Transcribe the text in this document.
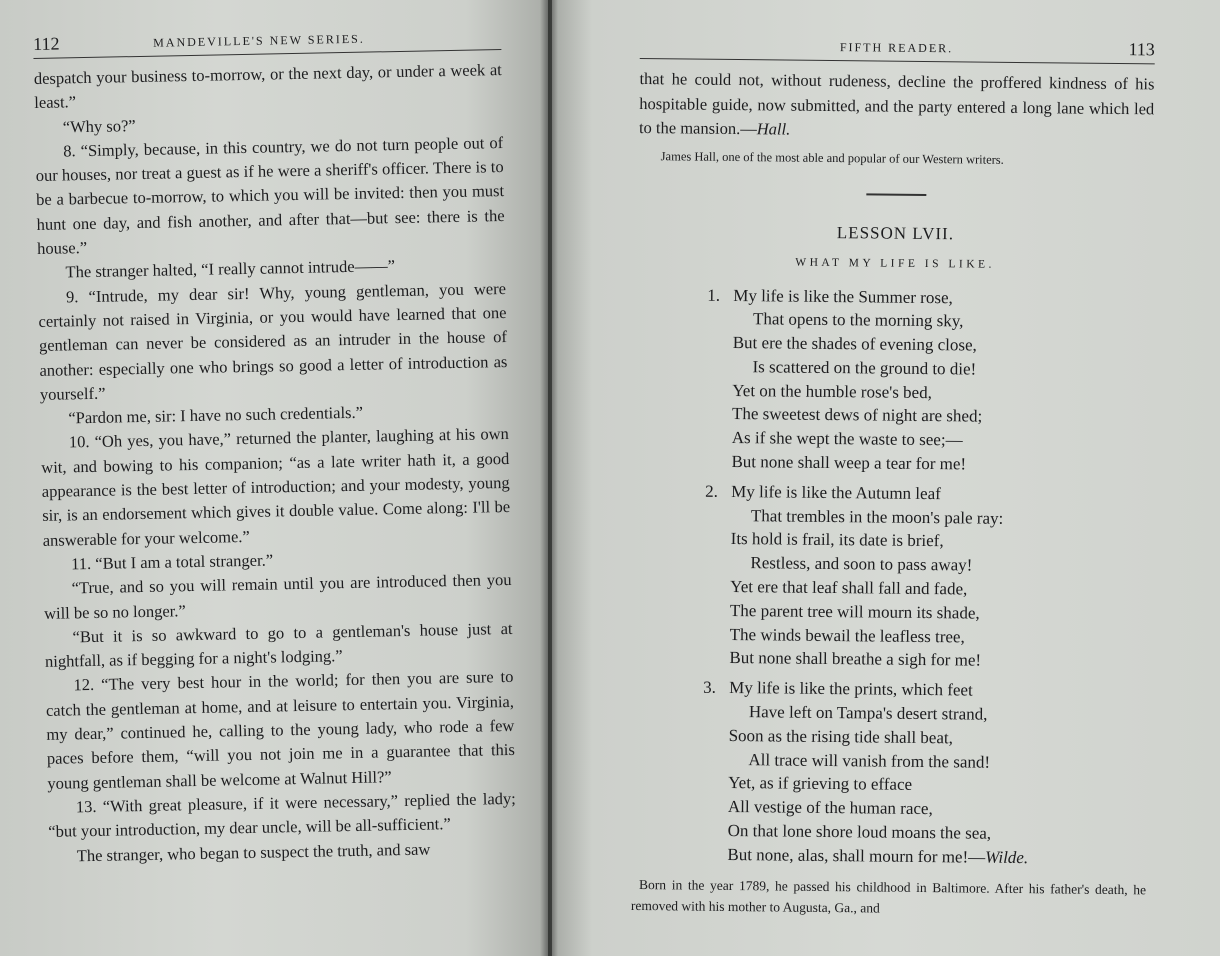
112	MANDEVILLE'S NEW SERIES.

despatch your business to-morrow, or the next day, or under a week at least.”

“Why so?”

8. “Simply, because, in this country, we do not turn people out of our houses, nor treat a guest as if he were a sheriff's officer. There is to be a barbecue to-morrow, to which you will be invited: then you must hunt one day, and fish another, and after that—but see: there is the house.”

The stranger halted, “I really cannot intrude——”

9. “Intrude, my dear sir! Why, young gentleman, you were certainly not raised in Virginia, or you would have learned that one gentleman can never be considered as an intruder in the house of another: especially one who brings so good a letter of introduction as yourself.”

“Pardon me, sir: I have no such credentials.”

10. “Oh yes, you have,” returned the planter, laughing at his own wit, and bowing to his companion; “as a late writer hath it, a good appearance is the best letter of introduction; and your modesty, young sir, is an endorsement which gives it double value. Come along: I'll be answerable for your welcome.”

11. “But I am a total stranger.”

“True, and so you will remain until you are introduced then you will be so no longer.”

“But it is so awkward to go to a gentleman's house just at nightfall, as if begging for a night's lodging.”

12. “The very best hour in the world; for then you are sure to catch the gentleman at home, and at leisure to entertain you. Virginia, my dear,” continued he, calling to the young lady, who rode a few paces before them, “will you not join me in a guarantee that this young gentleman shall be welcome at Walnut Hill?”

13. “With great pleasure, if it were necessary,” replied the lady; “but your introduction, my dear uncle, will be all-sufficient.”

The stranger, who began to suspect the truth, and saw

FIFTH READER.	113

that he could not, without rudeness, decline the proffered kindness of his hospitable guide, now submitted, and the party entered a long lane which led to the mansion.—Hall.

James Hall, one of the most able and popular of our Western writers.

LESSON LVII.
WHAT MY LIFE IS LIKE.
1. My life is like the Summer rose,
That opens to the morning sky,
But ere the shades of evening close,
Is scattered on the ground to die!
Yet on the humble rose's bed,
The sweetest dews of night are shed;
As if she wept the waste to see;—
But none shall weep a tear for me!
2. My life is like the Autumn leaf
That trembles in the moon's pale ray:
Its hold is frail, its date is brief,
Restless, and soon to pass away!
Yet ere that leaf shall fall and fade,
The parent tree will mourn its shade,
The winds bewail the leafless tree,
But none shall breathe a sigh for me!
3. My life is like the prints, which feet
Have left on Tampa's desert strand,
Soon as the rising tide shall beat,
All trace will vanish from the sand!
Yet, as if grieving to efface
All vestige of the human race,
On that lone shore loud moans the sea,
But none, alas, shall mourn for me!—Wilde.

Born in the year 1789, he passed his childhood in Baltimore. After his father's death, he removed with his mother to Augusta, Ga., and
